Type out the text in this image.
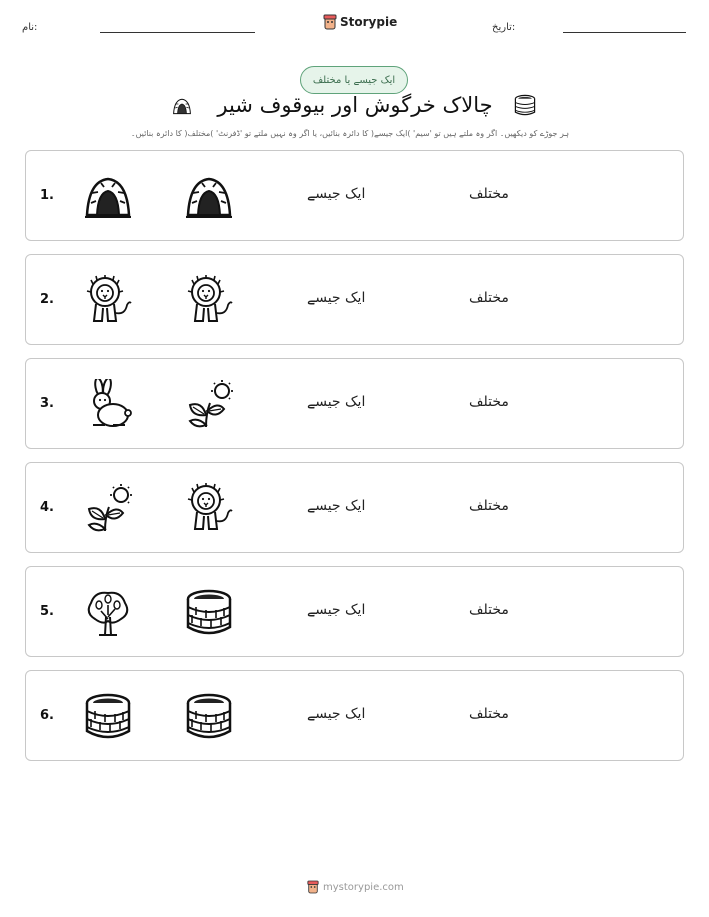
نام:	Storypie	تاریخ:
ایک جیسے یا مختلف
چالاک خرگوش اور بیوقوف شیر
ہر جوڑے کو دیکھیں۔ اگر وہ ملتے ہیں تو 'سیم' )ایک جیسے( کا دائرہ بنائیں، یا اگر وہ نہیں ملتے تو 'ڈفرنٹ' )مختلف( کا دائرہ بنائیں۔
1.	ایک جیسے	مختلف
2.	ایک جیسے	مختلف
3.	ایک جیسے	مختلف
4.	ایک جیسے	مختلف
5.	ایک جیسے	مختلف
6.	ایک جیسے	مختلف
mystorypie.com
